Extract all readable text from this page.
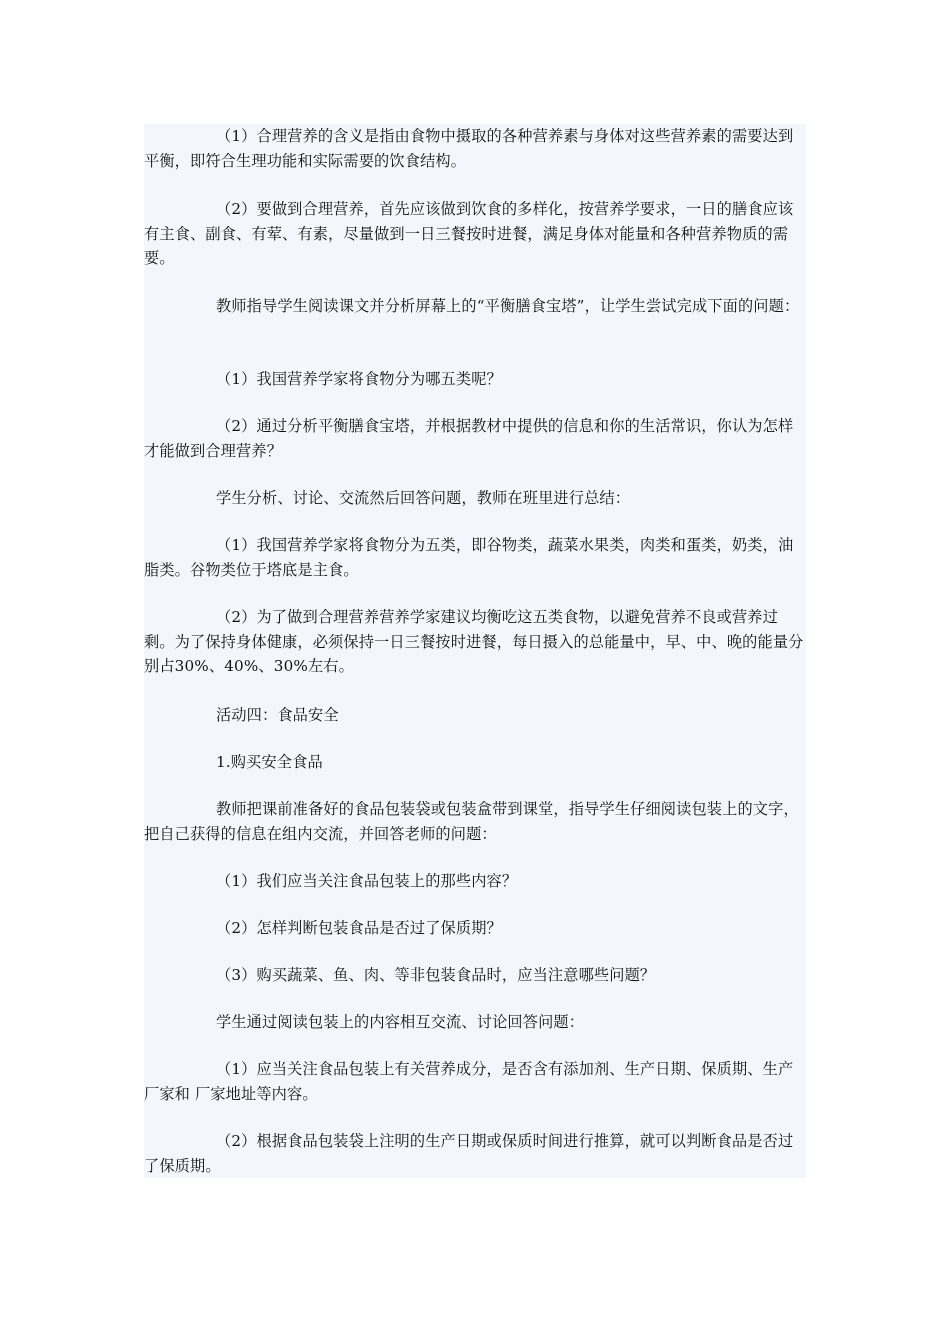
（1）合理营养的含义是指由食物中摄取的各种营养素与身体对这些营养素的需要达到平衡，即符合生理功能和实际需要的饮食结构。

（2）要做到合理营养，首先应该做到饮食的多样化，按营养学要求，一日的膳食应该有主食、副食、有荤、有素，尽量做到一日三餐按时进餐，满足身体对能量和各种营养物质的需要。

教师指导学生阅读课文并分析屏幕上的“平衡膳食宝塔”，让学生尝试完成下面的问题：

（1）我国营养学家将食物分为哪五类呢？

（2）通过分析平衡膳食宝塔，并根据教材中提供的信息和你的生活常识，你认为怎样才能做到合理营养？

学生分析、讨论、交流然后回答问题，教师在班里进行总结：

（1）我国营养学家将食物分为五类，即谷物类，蔬菜水果类，肉类和蛋类，奶类，油脂类。谷物类位于塔底是主食。

（2）为了做到合理营养营养学家建议均衡吃这五类食物，以避免营养不良或营养过剩。为了保持身体健康，必须保持一日三餐按时进餐，每日摄入的总能量中，早、中、晚的能量分别占30%、40%、30%左右。

活动四：食品安全

1.购买安全食品

教师把课前准备好的食品包装袋或包装盒带到课堂，指导学生仔细阅读包装上的文字，把自己获得的信息在组内交流，并回答老师的问题：

（1）我们应当关注食品包装上的那些内容？

（2）怎样判断包装食品是否过了保质期？

（3）购买蔬菜、鱼、肉、等非包装食品时，应当注意哪些问题？

学生通过阅读包装上的内容相互交流、讨论回答问题：

（1）应当关注食品包装上有关营养成分，是否含有添加剂、生产日期、保质期、生产厂家和 厂家地址等内容。

（2）根据食品包装袋上注明的生产日期或保质时间进行推算，就可以判断食品是否过了保质期。
